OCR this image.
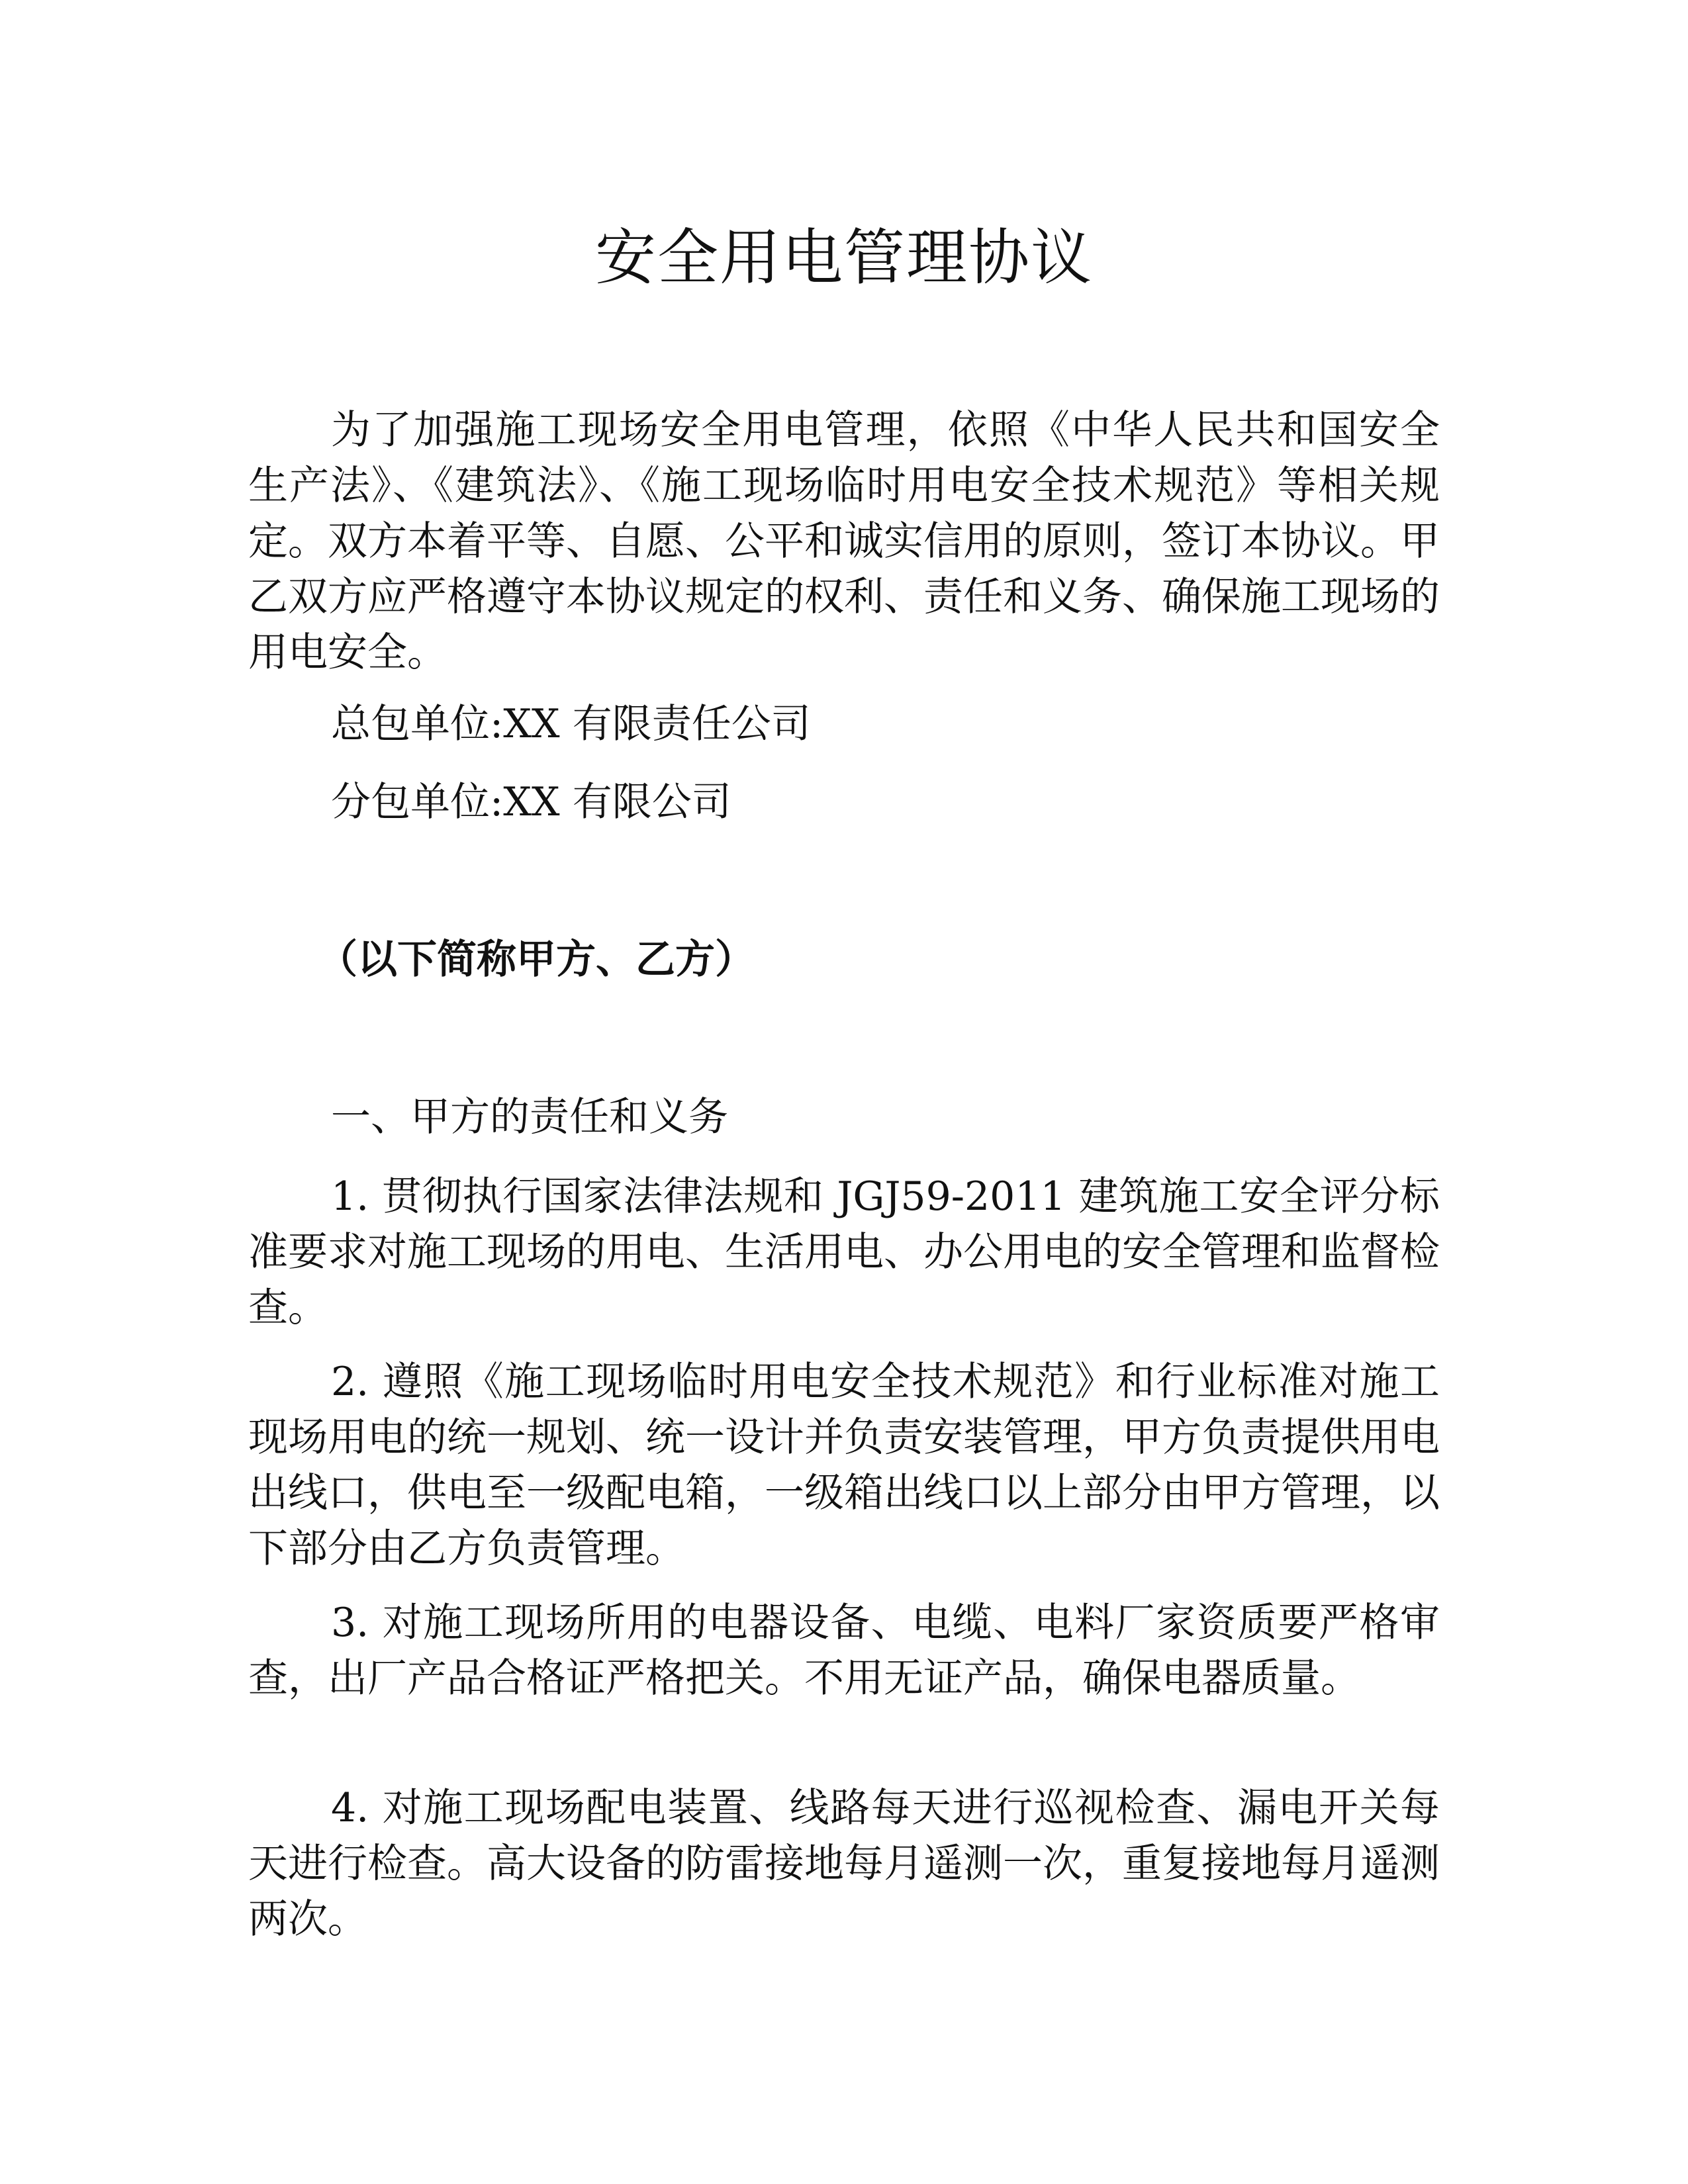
安全用电管理协议
为了加强施工现场安全用电管理，依照《中华人民共和国安全生产法》、《建筑法》、《施工现场临时用电安全技术规范》等相关规定。双方本着平等、自愿、公平和诚实信用的原则，签订本协议。甲乙双方应严格遵守本协议规定的权利、责任和义务、确保施工现场的用电安全。
总包单位:XX 有限责任公司
分包单位:XX 有限公司
（以下简称甲方、乙方）
一、甲方的责任和义务
1. 贯彻执行国家法律法规和 JGJ59-2011 建筑施工安全评分标准要求对施工现场的用电、生活用电、办公用电的安全管理和监督检查。
2. 遵照《施工现场临时用电安全技术规范》和行业标准对施工现场用电的统一规划、统一设计并负责安装管理，甲方负责提供用电出线口，供电至一级配电箱，一级箱出线口以上部分由甲方管理，以下部分由乙方负责管理。
3. 对施工现场所用的电器设备、电缆、电料厂家资质要严格审查，出厂产品合格证严格把关。不用无证产品，确保电器质量。
4. 对施工现场配电装置、线路每天进行巡视检查、漏电开关每天进行检查。高大设备的防雷接地每月遥测一次，重复接地每月遥测两次。
